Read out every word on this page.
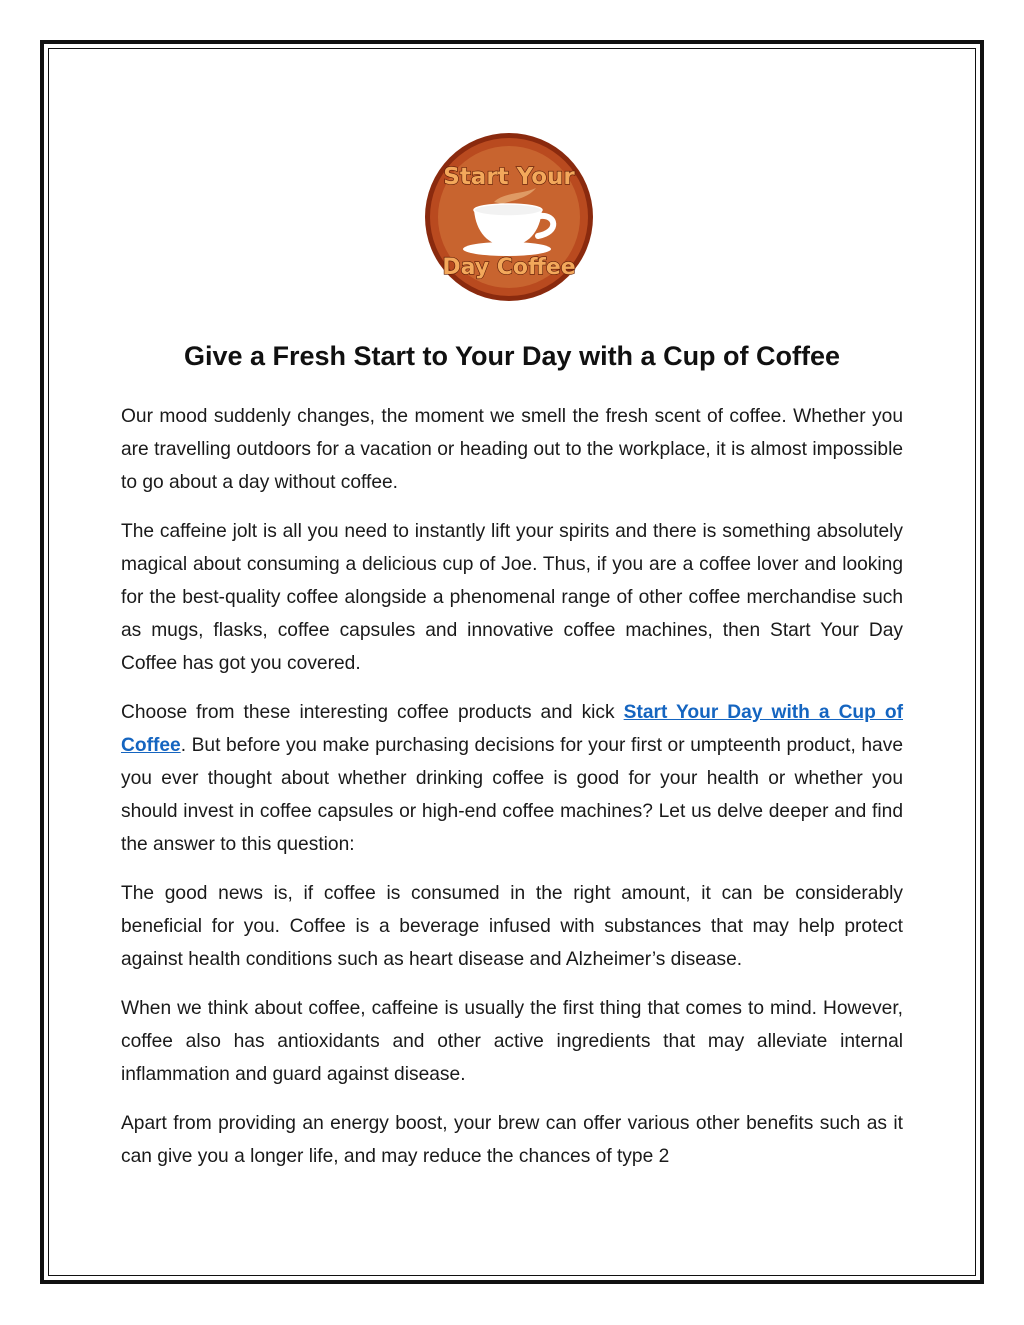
Start Your
Day Coffee
Give a Fresh Start to Your Day with a Cup of Coffee

Our mood suddenly changes, the moment we smell the fresh scent of coffee. Whether you are travelling outdoors for a vacation or heading out to the workplace, it is almost impossible to go about a day without coffee.

The caffeine jolt is all you need to instantly lift your spirits and there is something absolutely magical about consuming a delicious cup of Joe. Thus, if you are a coffee lover and looking for the best-quality coffee alongside a phenomenal range of other coffee merchandise such as mugs, flasks, coffee capsules and innovative coffee machines, then Start Your Day Coffee has got you covered.

Choose from these interesting coffee products and kick Start Your Day with a Cup of Coffee. But before you make purchasing decisions for your first or umpteenth product, have you ever thought about whether drinking coffee is good for your health or whether you should invest in coffee capsules or high-end coffee machines? Let us delve deeper and find the answer to this question:

The good news is, if coffee is consumed in the right amount, it can be considerably beneficial for you. Coffee is a beverage infused with substances that may help protect against health conditions such as heart disease and Alzheimer’s disease.

When we think about coffee, caffeine is usually the first thing that comes to mind. However, coffee also has antioxidants and other active ingredients that may alleviate internal inflammation and guard against disease.

Apart from providing an energy boost, your brew can offer various other benefits such as it can give you a longer life, and may reduce the chances of type 2
